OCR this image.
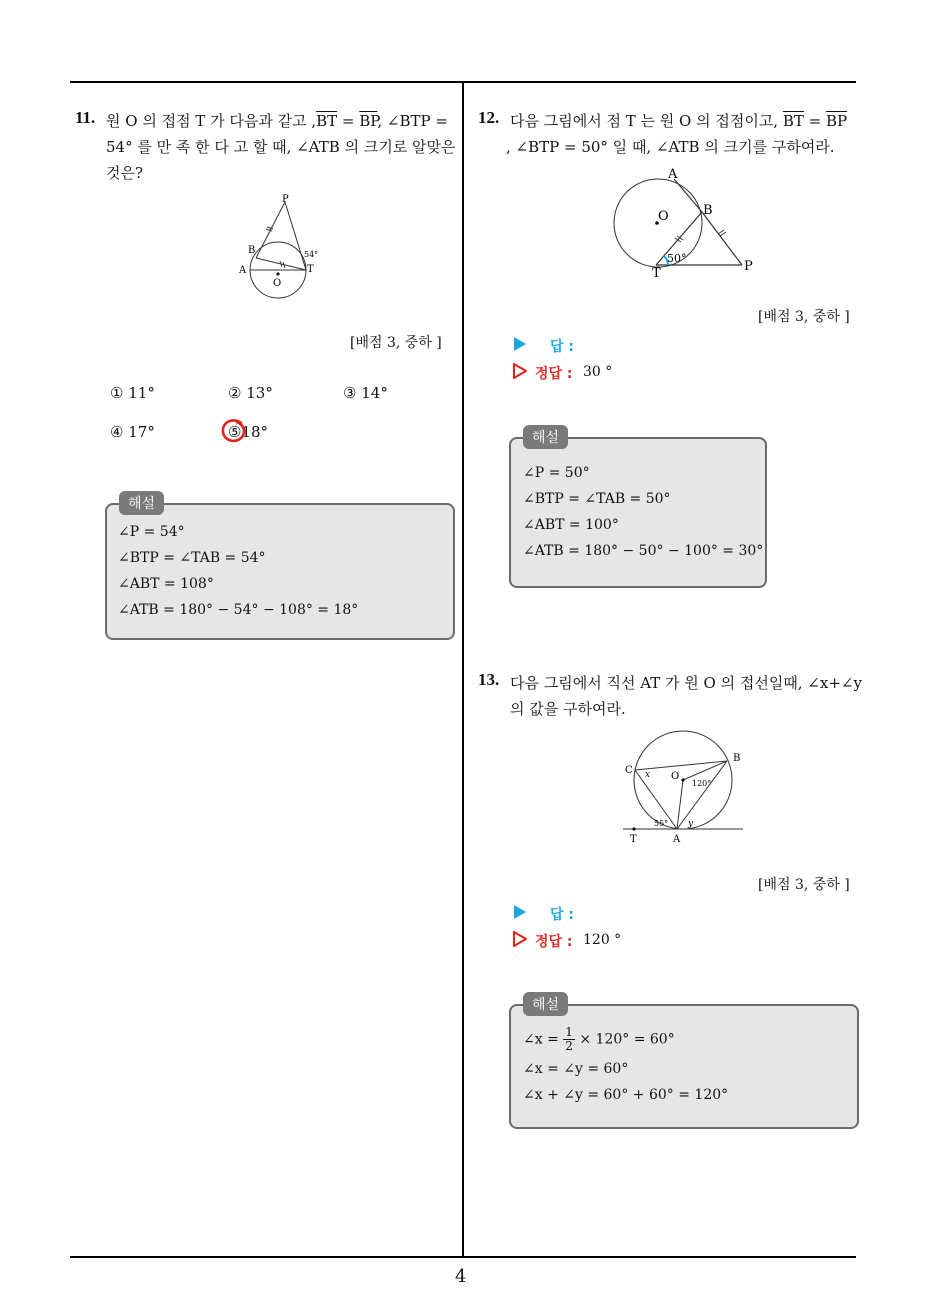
4
11. 원 O 의 접점 T 가 다음과 같고 $,\overline{BT} = \overline{BP}$, ∠BTP =
54° 를 만 족 한 다 고 할 때, ∠ATB 의 크기로 알맞은
것은?
P
B
A	T
O
54°
[배점 3, 중하 ]
① 11°	② 13°	③ 14°
④ 17°	⑤18°
해설
∠P = 54°
∠BTP = ∠TAB = 54°
∠ABT = 108°
∠ATB = 180° − 54° − 108° = 18°
12. 다음 그림에서 점 T 는 원 O 의 접점이고, $\overline{BT} = \overline{BP}$
, ∠BTP = 50° 일 때, ∠ATB 의 크기를 구하여라.
A
B
O
T	P
50°
[배점 3, 중하 ]
답 :
정답 : 30 °
해설
∠P = 50°
∠BTP = ∠TAB = 50°
∠ABT = 100°
∠ATB = 180° − 50° − 100° = 30°
13. 다음 그림에서 직선 AT 가 원 O 의 접선일때, ∠x+∠y
의 값을 구하여라.
C
B
O
T	A
x
y
120°
55°
[배점 3, 중하 ]
답 :
정답 : 120 °
해설
∠x = $\frac{1}{2} \times 120^\circ = 60^\circ$
∠x = ∠y = 60°
∠x + ∠y = 60° + 60° = 120°
